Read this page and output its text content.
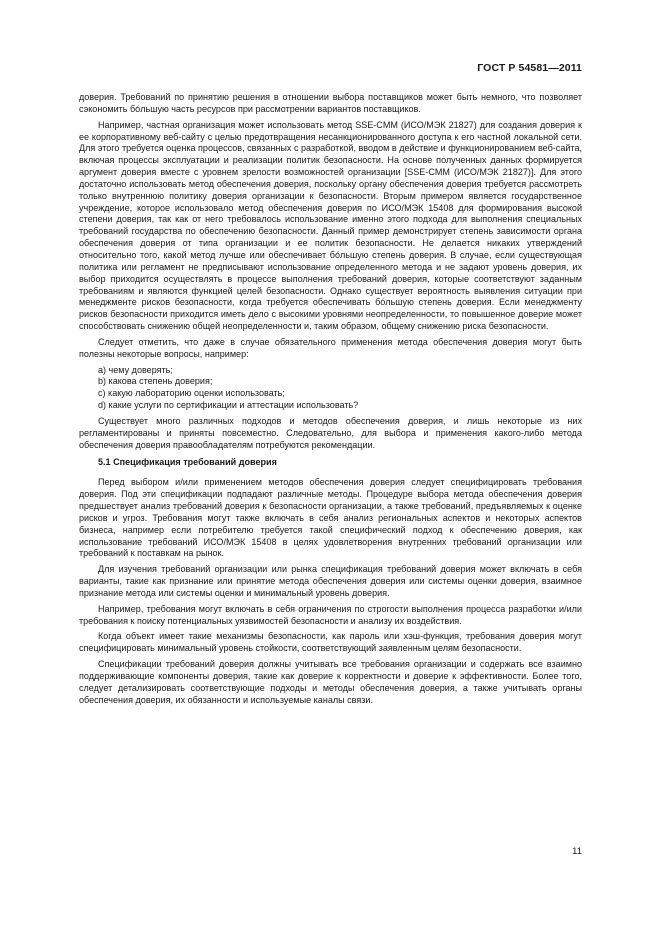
ГОСТ Р 54581—2011

доверия. Требований по принятию решения в отношении выбора поставщиков может быть немного, что позволяет сэкономить бóльшую часть ресурсов при рассмотрении вариантов поставщиков.

Например, частная организация может использовать метод SSE-CMM (ИСО/МЭК 21827) для создания доверия к ее корпоративному веб-сайту с целью предотвращения несанкционированного доступа к его частной локальной сети. Для этого требуется оценка процессов, связанных с разработкой, вводом в действие и функционированием веб-сайта, включая процессы эксплуатации и реализации политик безопасности. На основе полученных данных формируется аргумент доверия вместе с уровнем зрелости возможностей организации [SSE-CMM (ИСО/МЭК 21827)]. Для этого достаточно использовать метод обеспечения доверия, поскольку органу обеспечения доверия требуется рассмотреть только внутреннюю политику доверия организации к безопасности. Вторым примером является государственное учреждение, которое использовало метод обеспечения доверия по ИСО/МЭК 15408 для формирования высокой степени доверия, так как от него требовалось использование именно этого подхода для выполнения специальных требований государства по обеспечению безопасности. Данный пример демонстрирует степень зависимости органа обеспечения доверия от типа организации и ее политик безопасности. Не делается никаких утверждений относительно того, какой метод лучше или обеспечивает бóльшую степень доверия. В случае, если существующая политика или регламент не предписывают использование определенного метода и не задают уровень доверия, их выбор приходится осуществлять в процессе выполнения требований доверия, которые соответствуют заданным требованиям и являются функцией целей безопасности. Однако существует вероятность выявления ситуации при менеджменте рисков безопасности, когда требуется обеспечивать бóльшую степень доверия. Если менеджменту рисков безопасности приходится иметь дело с высокими уровнями неопределенности, то повышенное доверие может способствовать снижению общей неопределенности и, таким образом, общему снижению риска безопасности.

Следует отметить, что даже в случае обязательного применения метода обеспечения доверия могут быть полезны некоторые вопросы, например:

a) чему доверять;
b) какова степень доверия;
c) какую лабораторию оценки использовать;
d) какие услуги по сертификации и аттестации использовать?

Существует много различных подходов и методов обеспечения доверия, и лишь некоторые из них регламентированы и приняты повсеместно. Следовательно, для выбора и применения какого-либо метода обеспечения доверия правообладателям потребуются рекомендации.

5.1 Спецификация требований доверия

Перед выбором и/или применением методов обеспечения доверия следует специфицировать требования доверия. Под эти спецификации подпадают различные методы. Процедуре выбора метода обеспечения доверия предшествует анализ требований доверия к безопасности организации, а также требований, предъявляемых к оценке рисков и угроз. Требования могут также включать в себя анализ региональных аспектов и некоторых аспектов бизнеса, например если потребителю требуется такой специфический подход к обеспечению доверия, как использование требований ИСО/МЭК 15408 в целях удовлетворения внутренних требований организации или требований к поставкам на рынок.

Для изучения требований организации или рынка спецификация требований доверия может включать в себя варианты, такие как признание или принятие метода обеспечения доверия или системы оценки доверия, взаимное признание метода или системы оценки и минимальный уровень доверия.

Например, требования могут включать в себя ограничения по строгости выполнения процесса разработки и/или требования к поиску потенциальных уязвимостей безопасности и анализу их воздействия.

Когда объект имеет такие механизмы безопасности, как пароль или хэш-функция, требования доверия могут специфицировать минимальный уровень стойкости, соответствующий заявленным целям безопасности.

Спецификации требований доверия должны учитывать все требования организации и содержать все взаимно поддерживающие компоненты доверия, такие как доверие к корректности и доверие к эффективности. Более того, следует детализировать соответствующие подходы и методы обеспечения доверия, а также учитывать органы обеспечения доверия, их обязанности и используемые каналы связи.

11
